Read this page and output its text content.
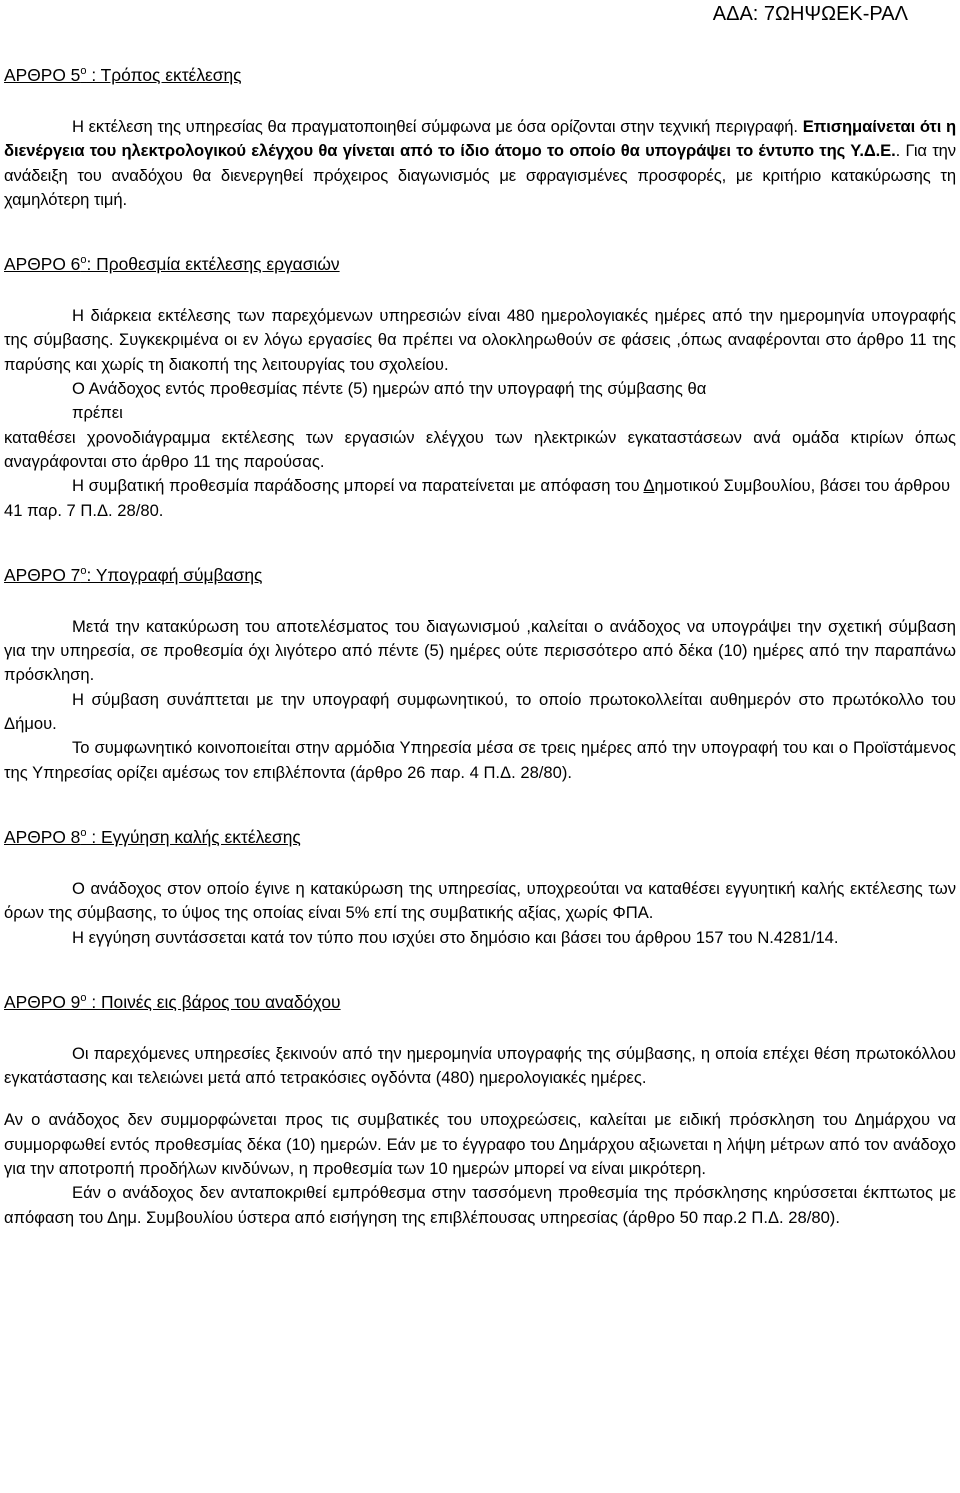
ΑΔΑ: 7ΩΗΨΩΕΚ-ΡΑΛ
ΑΡΘΡΟ $5^o$ : Τρόπος εκτέλεσης

Η εκτέλεση της υπηρεσίας θα πραγματοποιηθεί σύμφωνα με όσα ορίζονται στην τεχνική περιγραφή. Επισημαίνεται ότι η διενέργεια του ηλεκτρολογικού ελέγχου θα γίνεται από το ίδιο άτομο το οποίο θα υπογράψει το έντυπο της Υ.Δ.Ε.. Για την ανάδειξη του αναδόχου θα διενεργηθεί πρόχειρος διαγωνισμός με σφραγισμένες προσφορές, με κριτήριο κατακύρωσης τη χαμηλότερη τιμή.

ΑΡΘΡΟ $6^o$: Προθεσμία εκτέλεσης εργασιών

Η διάρκεια εκτέλεσης των παρεχόμενων υπηρεσιών είναι 480 ημερολογιακές ημέρες από την ημερομηνία υπογραφής της σύμβασης. Συγκεκριμένα οι εν λόγω εργασίες θα πρέπει να ολοκληρωθούν σε φάσεις ,όπως αναφέρονται στο άρθρο 11 της παρύσης και χωρίς τη διακοπή της λειτουργίας του σχολείου.

Ο Ανάδοχος εντός προθεσμίας πέντε (5) ημερών από την υπογραφή της σύμβασης θα

πρέπει

καταθέσει χρονοδιάγραμμα εκτέλεσης των εργασιών ελέγχου των ηλεκτρικών εγκαταστάσεων ανά ομάδα κτιρίων όπως αναγράφονται στο άρθρο 11 της παρούσας.

Η συμβατική προθεσμία παράδοσης μπορεί να παρατείνεται με απόφαση του Δημοτικού Συμβουλίου, βάσει του άρθρου 41 παρ. 7 Π.Δ. 28/80.

ΑΡΘΡΟ $7^o$: Υπογραφή σύμβασης

Μετά την κατακύρωση του αποτελέσματος του διαγωνισμού ,καλείται ο ανάδοχος να υπογράψει την σχετική σύμβαση για την υπηρεσία, σε προθεσμία όχι λιγότερο από πέντε (5) ημέρες ούτε περισσότερο από δέκα (10) ημέρες από την παραπάνω πρόσκληση.

Η σύμβαση συνάπτεται με την υπογραφή συμφωνητικού, το οποίο πρωτοκολλείται αυθημερόν στο πρωτόκολλο του Δήμου.

Το συμφωνητικό κοινοποιείται στην αρμόδια Υπηρεσία μέσα σε τρεις ημέρες από την υπογραφή του και ο Προϊστάμενος της Υπηρεσίας ορίζει αμέσως τον επιβλέποντα (άρθρο 26 παρ. 4 Π.Δ. 28/80).

ΑΡΘΡΟ $8^o$ : Εγγύηση καλής εκτέλεσης

Ο ανάδοχος στον οποίο έγινε η κατακύρωση της υπηρεσίας, υποχρεούται να καταθέσει εγγυητική καλής εκτέλεσης των όρων της σύμβασης, το ύψος της οποίας είναι 5% επί της συμβατικής αξίας, χωρίς ΦΠΑ.

Η εγγύηση συντάσσεται κατά τον τύπο που ισχύει στο δημόσιο και βάσει του άρθρου 157 του Ν.4281/14.

ΑΡΘΡΟ $9^o$ : Ποινές εις βάρος του αναδόχου

Οι παρεχόμενες υπηρεσίες ξεκινούν από την ημερομηνία υπογραφής της σύμβασης, η οποία επέχει θέση πρωτοκόλλου εγκατάστασης και τελειώνει μετά από τετρακόσιες ογδόντα (480) ημερολογιακές ημέρες.

Αν ο ανάδοχος δεν συμμορφώνεται προς τις συμβατικές του υποχρεώσεις, καλείται με ειδική πρόσκληση του Δημάρχου να συμμορφωθεί εντός προθεσμίας δέκα (10) ημερών. Εάν με το έγγραφο του Δημάρχου αξιωνεται η λήψη μέτρων από τον ανάδοχο για την αποτροπή προδήλων κινδύνων, η προθεσμία των 10 ημερών μπορεί να είναι μικρότερη.

Εάν ο ανάδοχος δεν ανταποκριθεί εμπρόθεσμα στην τασσόμενη προθεσμία της πρόσκλησης κηρύσσεται έκπτωτος με απόφαση του Δημ. Συμβουλίου ύστερα από εισήγηση της επιβλέπουσας υπηρεσίας (άρθρο 50 παρ.2 Π.Δ. 28/80).
